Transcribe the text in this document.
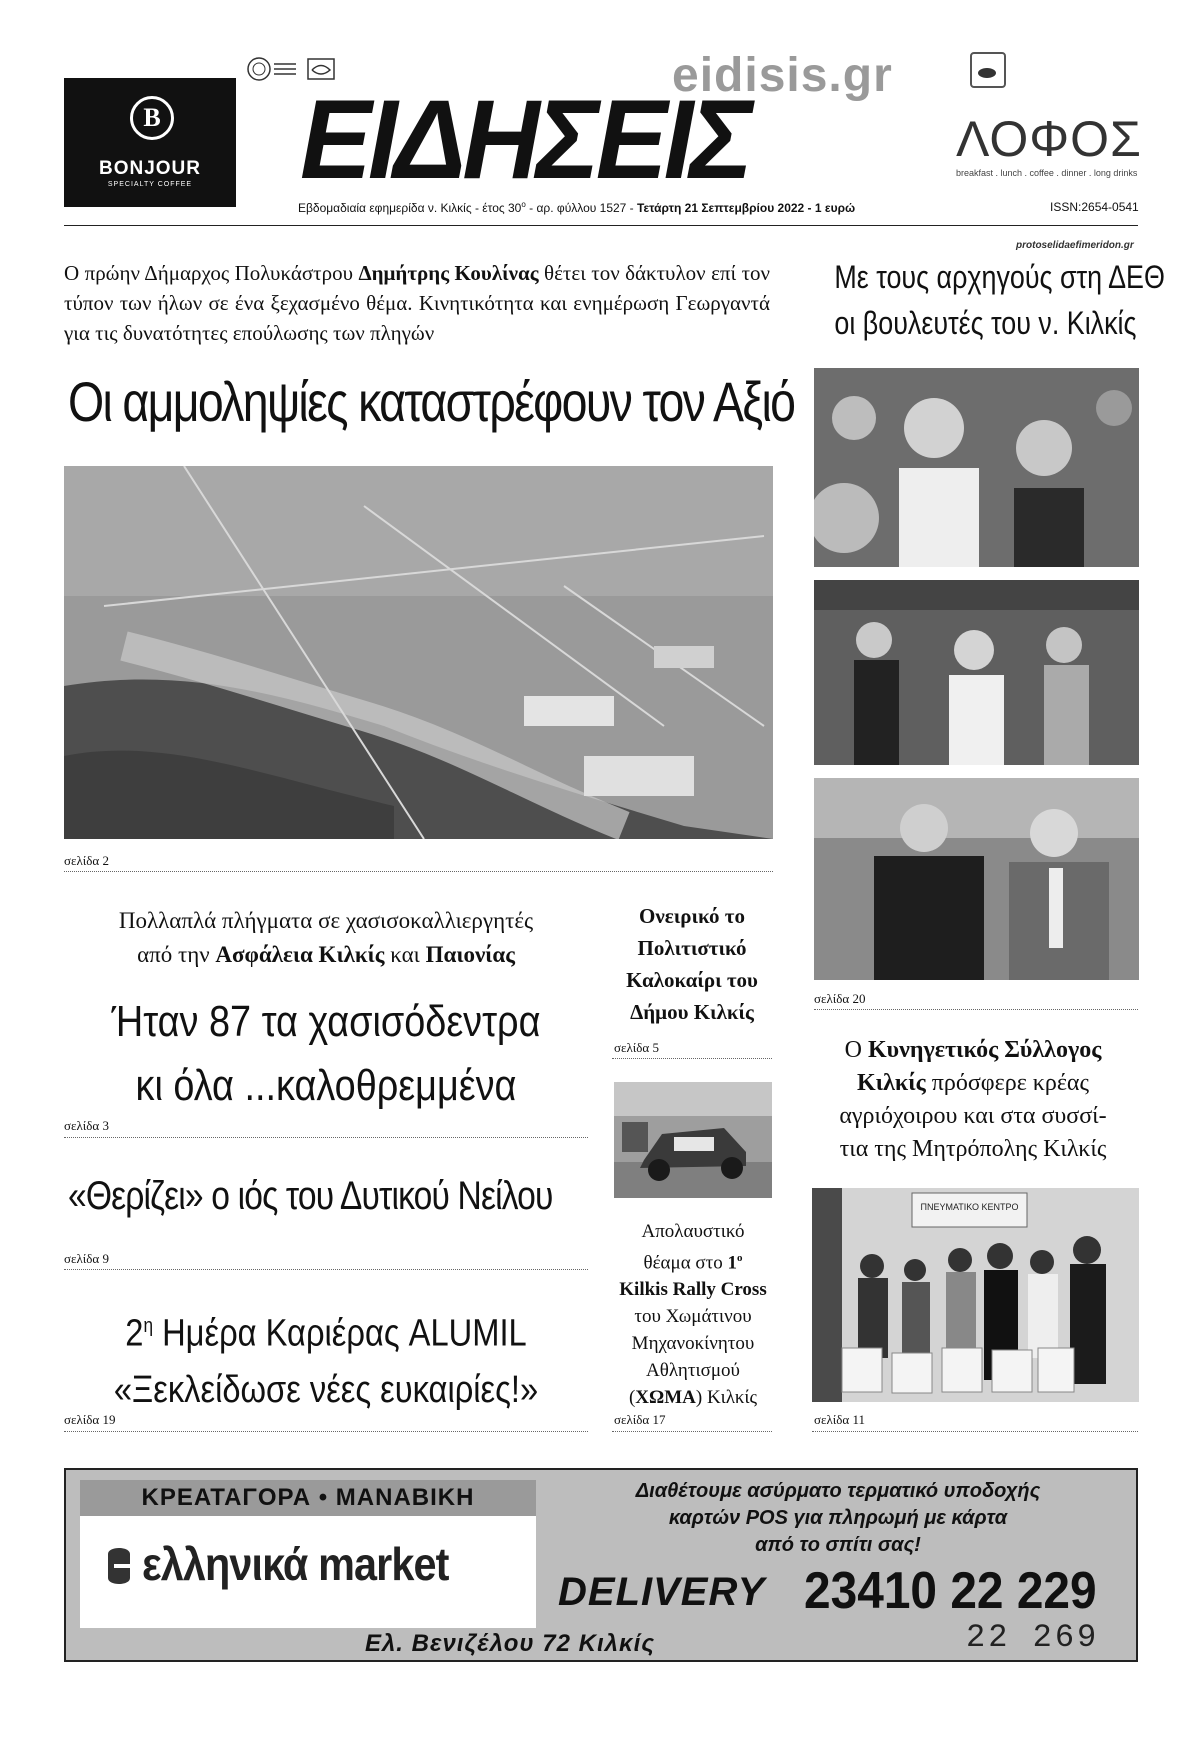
B
BONJOUR
SPECIALTY COFFEE ΕΙΔΗΣΕΙΣ
eidisis.gr
ΛΟΦΟΣ
breakfast . lunch . coffee . dinner . long drinks
Εβδομαδιαία εφημερίδα ν. Κιλκίς - έτος $30^o$ - αρ. φύλλου 1527 - Τετάρτη 21 Σεπτεμβρίου 2022 - 1 ευρώ	ISSN:2654-0541
protoselidaefimeridon.gr
Ο πρώην Δήμαρχος Πολυκάστρου Δημήτρης Κουλίνας θέτει τον δάκτυλον επί τον τύπον των ήλων σε ένα ξεχασμένο θέμα. Κινητικότητα και ενημέρωση Γεωργαντά για τις δυνατότητες επούλωσης των πληγών
Οι αμμοληψίες καταστρέφουν τον Αξιό
σελίδα 2
Με τους αρχηγούς στη ΔΕΘ
οι βουλευτές του ν. Κιλκίς
σελίδα 20
Πολλαπλά πλήγματα σε χασισοκαλλιεργητές
από την Ασφάλεια Κιλκίς και Παιονίας
Ήταν 87 τα χασισόδεντρα
κι όλα ...καλοθρεμμένα
σελίδα 3
Ονειρικό το
Πολιτιστικό
Καλοκαίρι του
Δήμου Κιλκίς
σελίδα 5
«Θερίζει» ο ιός του Δυτικού Νείλου
σελίδα 9
$2^\eta$ Ημέρα Καριέρας ALUMIL
«Ξεκλείδωσε νέες ευκαιρίες!»
σελίδα 19
Απολαυστικό
θέαμα στο $1^o$
Kilkis Rally Cross
του Χωμάτινου
Μηχανοκίνητου
Αθλητισμού
(ΧΩΜΑ) Κιλκίς
σελίδα 17
Ο Κυνηγετικός Σύλλογος
Κιλκίς πρόσφερε κρέας
αγριόχοιρου και στα συσσί-
τια της Μητρόπολης Κιλκίς
ΠΝΕΥΜΑΤΙΚΟ ΚΕΝΤΡΟ
σελίδα 11
ΚΡΕΑΤΑΓΟΡΑ • ΜΑΝΑΒΙΚΗ
ελληνικά market
Διαθέτουμε ασύρματο τερματικό υποδοχής
καρτών POS για πληρωμή με κάρτα
από το σπίτι σας!
DELIVERY 23410 22 229
22 269
Ελ. Βενιζέλου 72 Κιλκίς
